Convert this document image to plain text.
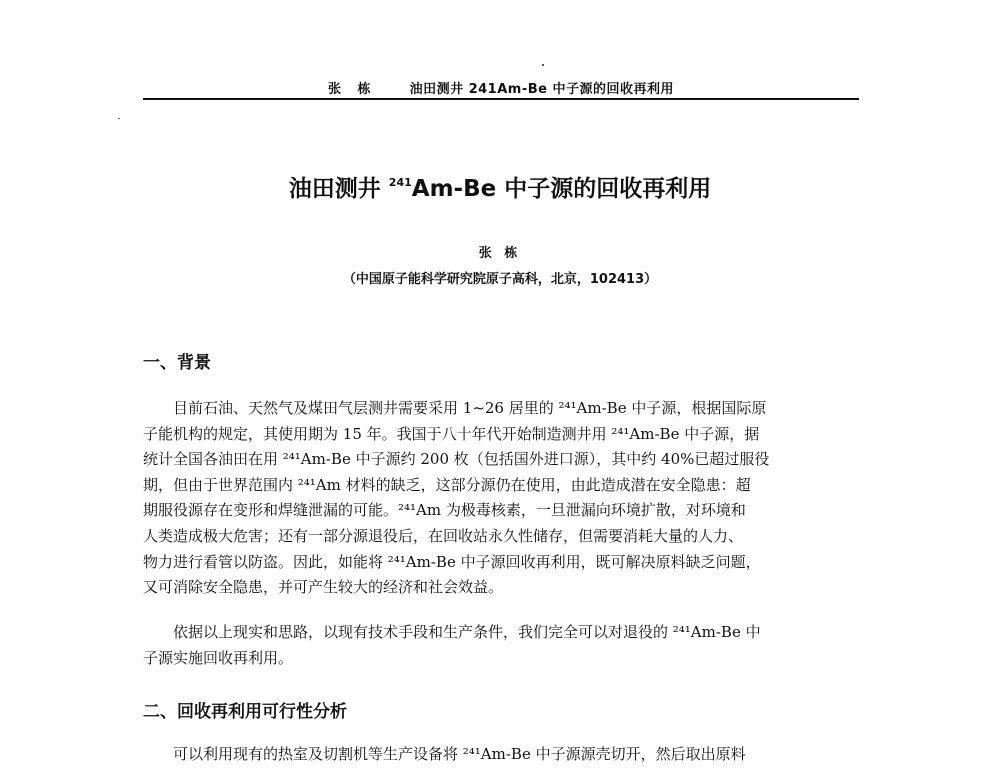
张 栋	油田测井 241Am-Be 中子源的回收再利用
油田测井 $^{241}$Am-Be 中子源的回收再利用
张 栋
（中国原子能科学研究院原子高科，北京，102413）
一、背景
目前石油、天然气及煤田气层测井需要采用 1~26 居里的 ²⁴¹Am-Be 中子源，根据国际原
子能机构的规定，其使用期为 15 年。我国于八十年代开始制造测井用 ²⁴¹Am-Be 中子源，据
统计全国各油田在用 ²⁴¹Am-Be 中子源约 200 枚（包括国外进口源），其中约 40%已超过服役
期，但由于世界范围内 ²⁴¹Am 材料的缺乏，这部分源仍在使用，由此造成潜在安全隐患：超
期服役源存在变形和焊缝泄漏的可能。²⁴¹Am 为极毒核素，一旦泄漏向环境扩散，对环境和
人类造成极大危害；还有一部分源退役后，在回收站永久性储存，但需要消耗大量的人力、
物力进行看管以防盗。因此，如能将 ²⁴¹Am-Be 中子源回收再利用，既可解决原料缺乏问题，
又可消除安全隐患，并可产生较大的经济和社会效益。
依据以上现实和思路，以现有技术手段和生产条件，我们完全可以对退役的 ²⁴¹Am-Be 中
子源实施回收再利用。
二、回收再利用可行性分析
可以利用现有的热室及切割机等生产设备将 ²⁴¹Am-Be 中子源源壳切开，然后取出原料
